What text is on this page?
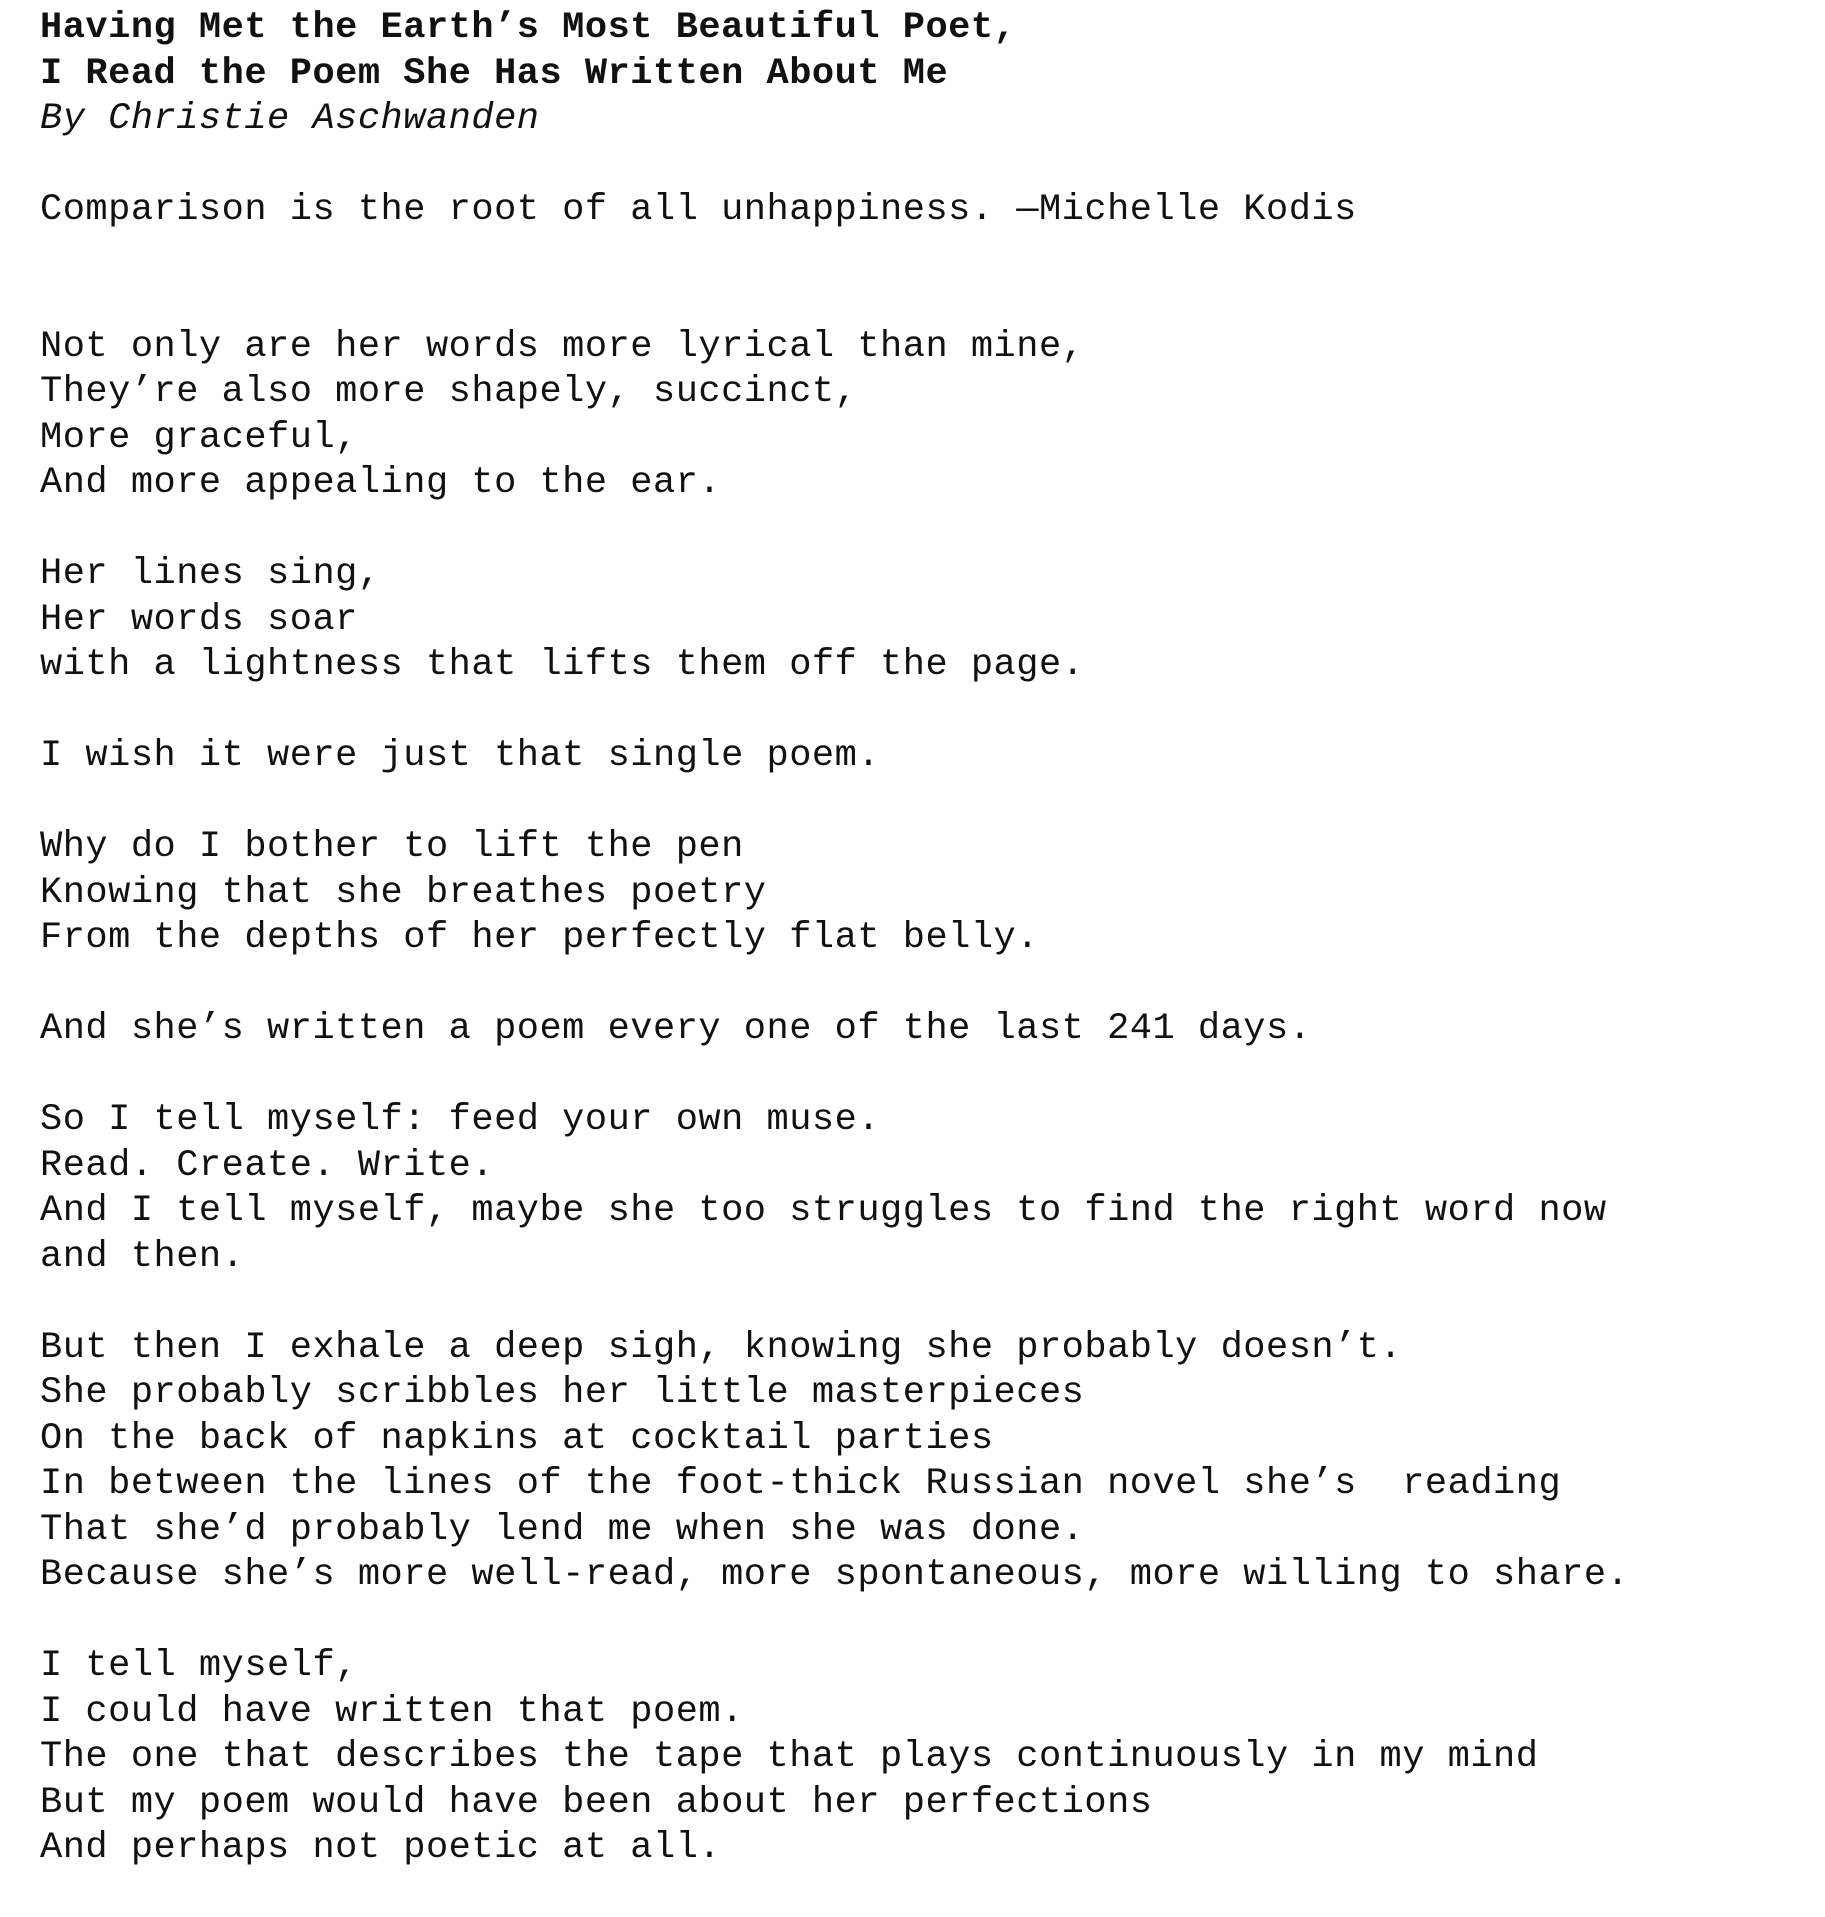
Having Met the Earth’s Most Beautiful Poet,
I Read the Poem She Has Written About Me
By Christie Aschwanden
Comparison is the root of all unhappiness. —Michelle Kodis
Not only are her words more lyrical than mine,
They’re also more shapely, succinct,
More graceful,
And more appealing to the ear.
Her lines sing,
Her words soar
with a lightness that lifts them off the page.
I wish it were just that single poem.
Why do I bother to lift the pen
Knowing that she breathes poetry
From the depths of her perfectly flat belly.
And she’s written a poem every one of the last 241 days.
So I tell myself: feed your own muse.
Read. Create. Write.
And I tell myself, maybe she too struggles to find the right word now
and then.
But then I exhale a deep sigh, knowing she probably doesn’t.
She probably scribbles her little masterpieces
On the back of napkins at cocktail parties
In between the lines of the foot-thick Russian novel she’s  reading
That she’d probably lend me when she was done.
Because she’s more well-read, more spontaneous, more willing to share.
I tell myself,
I could have written that poem.
The one that describes the tape that plays continuously in my mind
But my poem would have been about her perfections
And perhaps not poetic at all.
